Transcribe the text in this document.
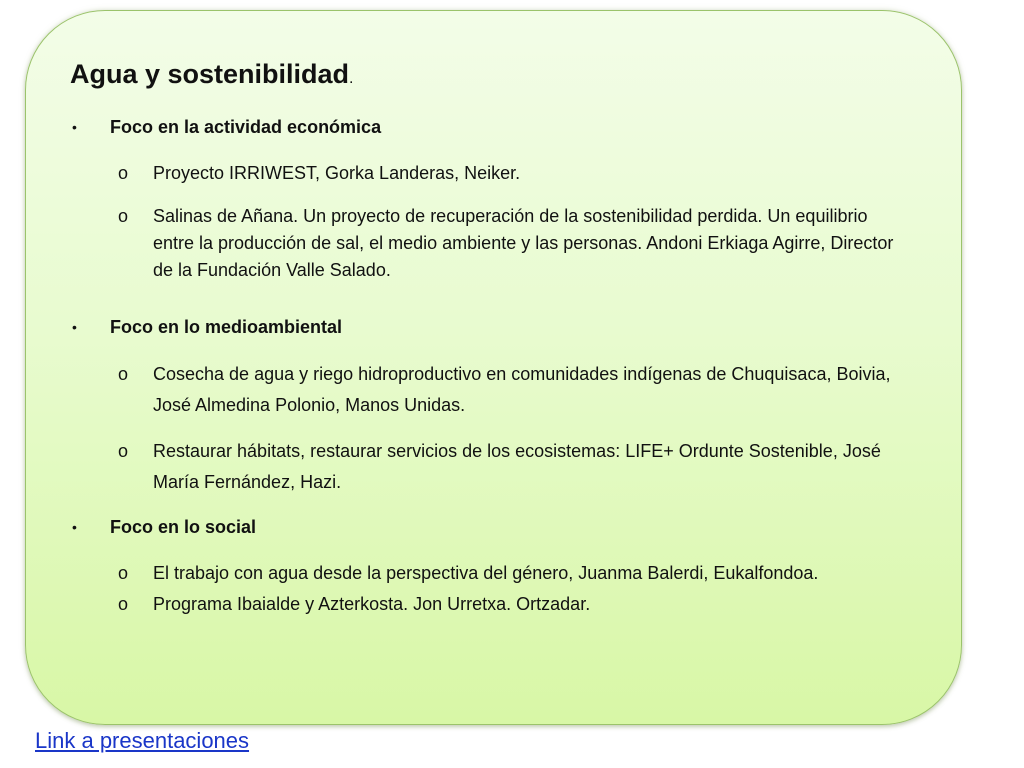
Agua y sostenibilidad.
•	Foco en la actividad económica
o	Proyecto IRRIWEST, Gorka Landeras, Neiker.
o	Salinas de Añana. Un proyecto de recuperación de la sostenibilidad perdida. Un equilibrio entre la producción de sal, el medio ambiente y las personas. Andoni Erkiaga Agirre, Director de la Fundación Valle Salado.
•	Foco en lo medioambiental
o	Cosecha de agua y riego hidroproductivo en comunidades indígenas de Chuquisaca, Boivia, José Almedina Polonio, Manos Unidas.
o	Restaurar hábitats, restaurar servicios de los ecosistemas: LIFE+ Ordunte Sostenible, José María Fernández, Hazi.
•	Foco en lo social
o	El trabajo con agua desde la perspectiva del género, Juanma Balerdi, Eukalfondoa.
o	Programa Ibaialde y Azterkosta. Jon Urretxa. Ortzadar.
Link a presentaciones
